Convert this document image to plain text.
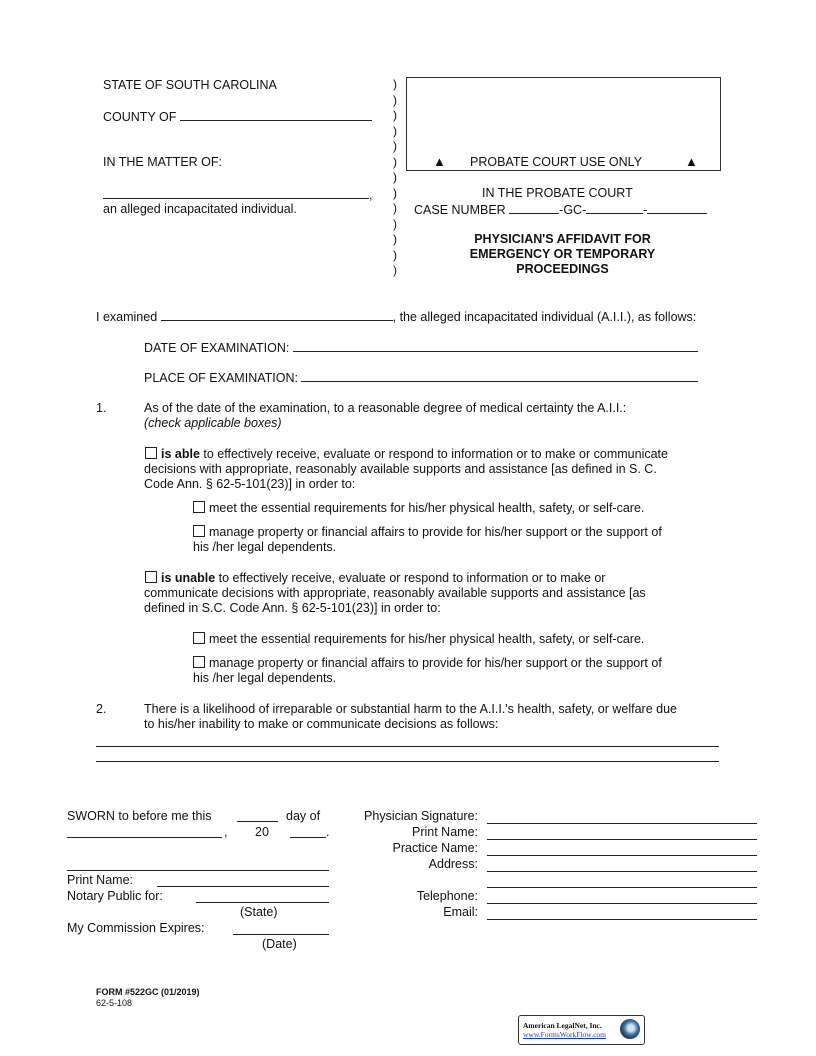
STATE OF SOUTH CAROLINA
COUNTY OF
IN THE MATTER OF:
,
an alleged incapacitated individual.
)
)
)
)
)
)
)
)
)
)
)
)
)
▲ PROBATE COURT USE ONLY	▲
IN THE PROBATE COURT
CASE NUMBER	-GC-	-
PHYSICIAN'S AFFIDAVIT FOR
EMERGENCY OR TEMPORARY
PROCEEDINGS
I examined	, the alleged incapacitated individual (A.I.I.), as follows:
DATE OF EXAMINATION:
PLACE OF EXAMINATION:
1.	As of the date of the examination, to a reasonable degree of medical certainty the A.I.I.:
(check applicable boxes)
is able to effectively receive, evaluate or respond to information or to make or communicate
decisions with appropriate, reasonably available supports and assistance [as defined in S. C.
Code Ann. § 62-5-101(23)] in order to:
meet the essential requirements for his/her physical health, safety, or self-care.
manage property or financial affairs to provide for his/her support or the support of
his /her legal dependents.
is unable to effectively receive, evaluate or respond to information or to make or
communicate decisions with appropriate, reasonably available supports and assistance [as
defined in S.C. Code Ann. § 62-5-101(23)] in order to:
meet the essential requirements for his/her physical health, safety, or self-care.
manage property or financial affairs to provide for his/her support or the support of
his /her legal dependents.
2.	There is a likelihood of irreparable or substantial harm to the A.I.I.'s health, safety, or welfare due
to his/her inability to make or communicate decisions as follows:
SWORN to before me this	day of
, 20	.
Print Name:
Notary Public for:
(State)
My Commission Expires:
(Date)
Physician Signature:
Print Name:
Practice Name:
Address:
Telephone:
Email:
FORM #522GC (01/2019)
62-5-108
American LegalNet, Inc.
www.FormsWorkFlow.com
